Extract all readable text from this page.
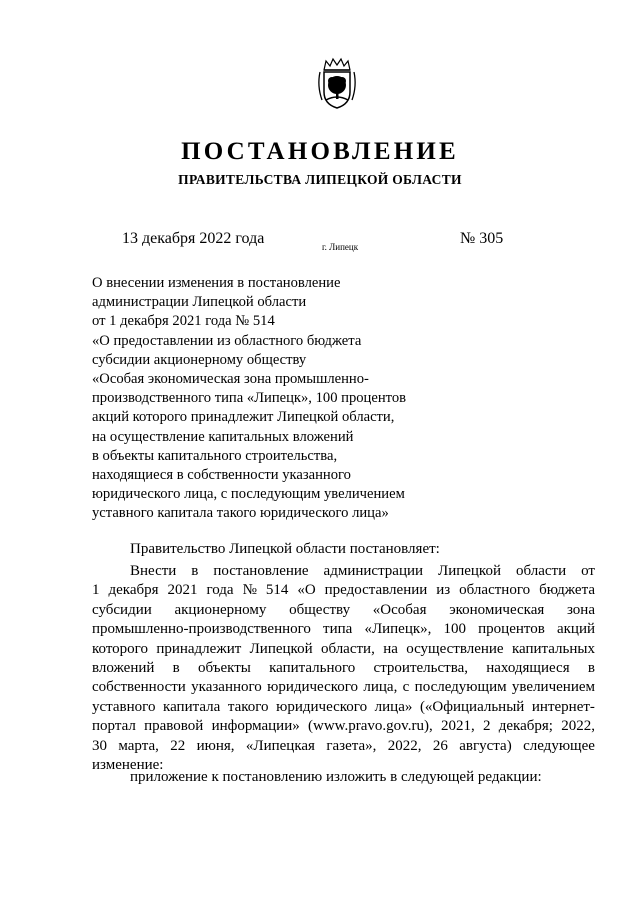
ПОСТАНОВЛЕНИЕ
ПРАВИТЕЛЬСТВА ЛИПЕЦКОЙ ОБЛАСТИ
13 декабря 2022 года	г. Липецк	№ 305
О внесении изменения в постановление
администрации Липецкой области
от 1 декабря 2021 года № 514
«О предоставлении из областного бюджета
субсидии акционерному обществу
«Особая экономическая зона промышленно-
производственного типа «Липецк», 100 процентов
акций которого принадлежит Липецкой области,
на осуществление капитальных вложений
в объекты капитального строительства,
находящиеся в собственности указанного
юридического лица, с последующим увеличением
уставного капитала такого юридического лица»
Правительство Липецкой области постановляет:
Внести в постановление администрации Липецкой области от
1 декабря 2021 года № 514 «О предоставлении из областного бюджета
субсидии акционерному обществу «Особая экономическая зона
промышленно-производственного типа «Липецк», 100 процентов акций
которого принадлежит Липецкой области, на осуществление капитальных
вложений в объекты капитального строительства, находящиеся в
собственности указанного юридического лица, с последующим увеличением
уставного капитала такого юридического лица» («Официальный интернет-
портал правовой информации» (www.pravo.gov.ru), 2021, 2 декабря; 2022,
30 марта, 22 июня, «Липецкая газета», 2022, 26 августа) следующее
изменение:
приложение к постановлению изложить в следующей редакции:
